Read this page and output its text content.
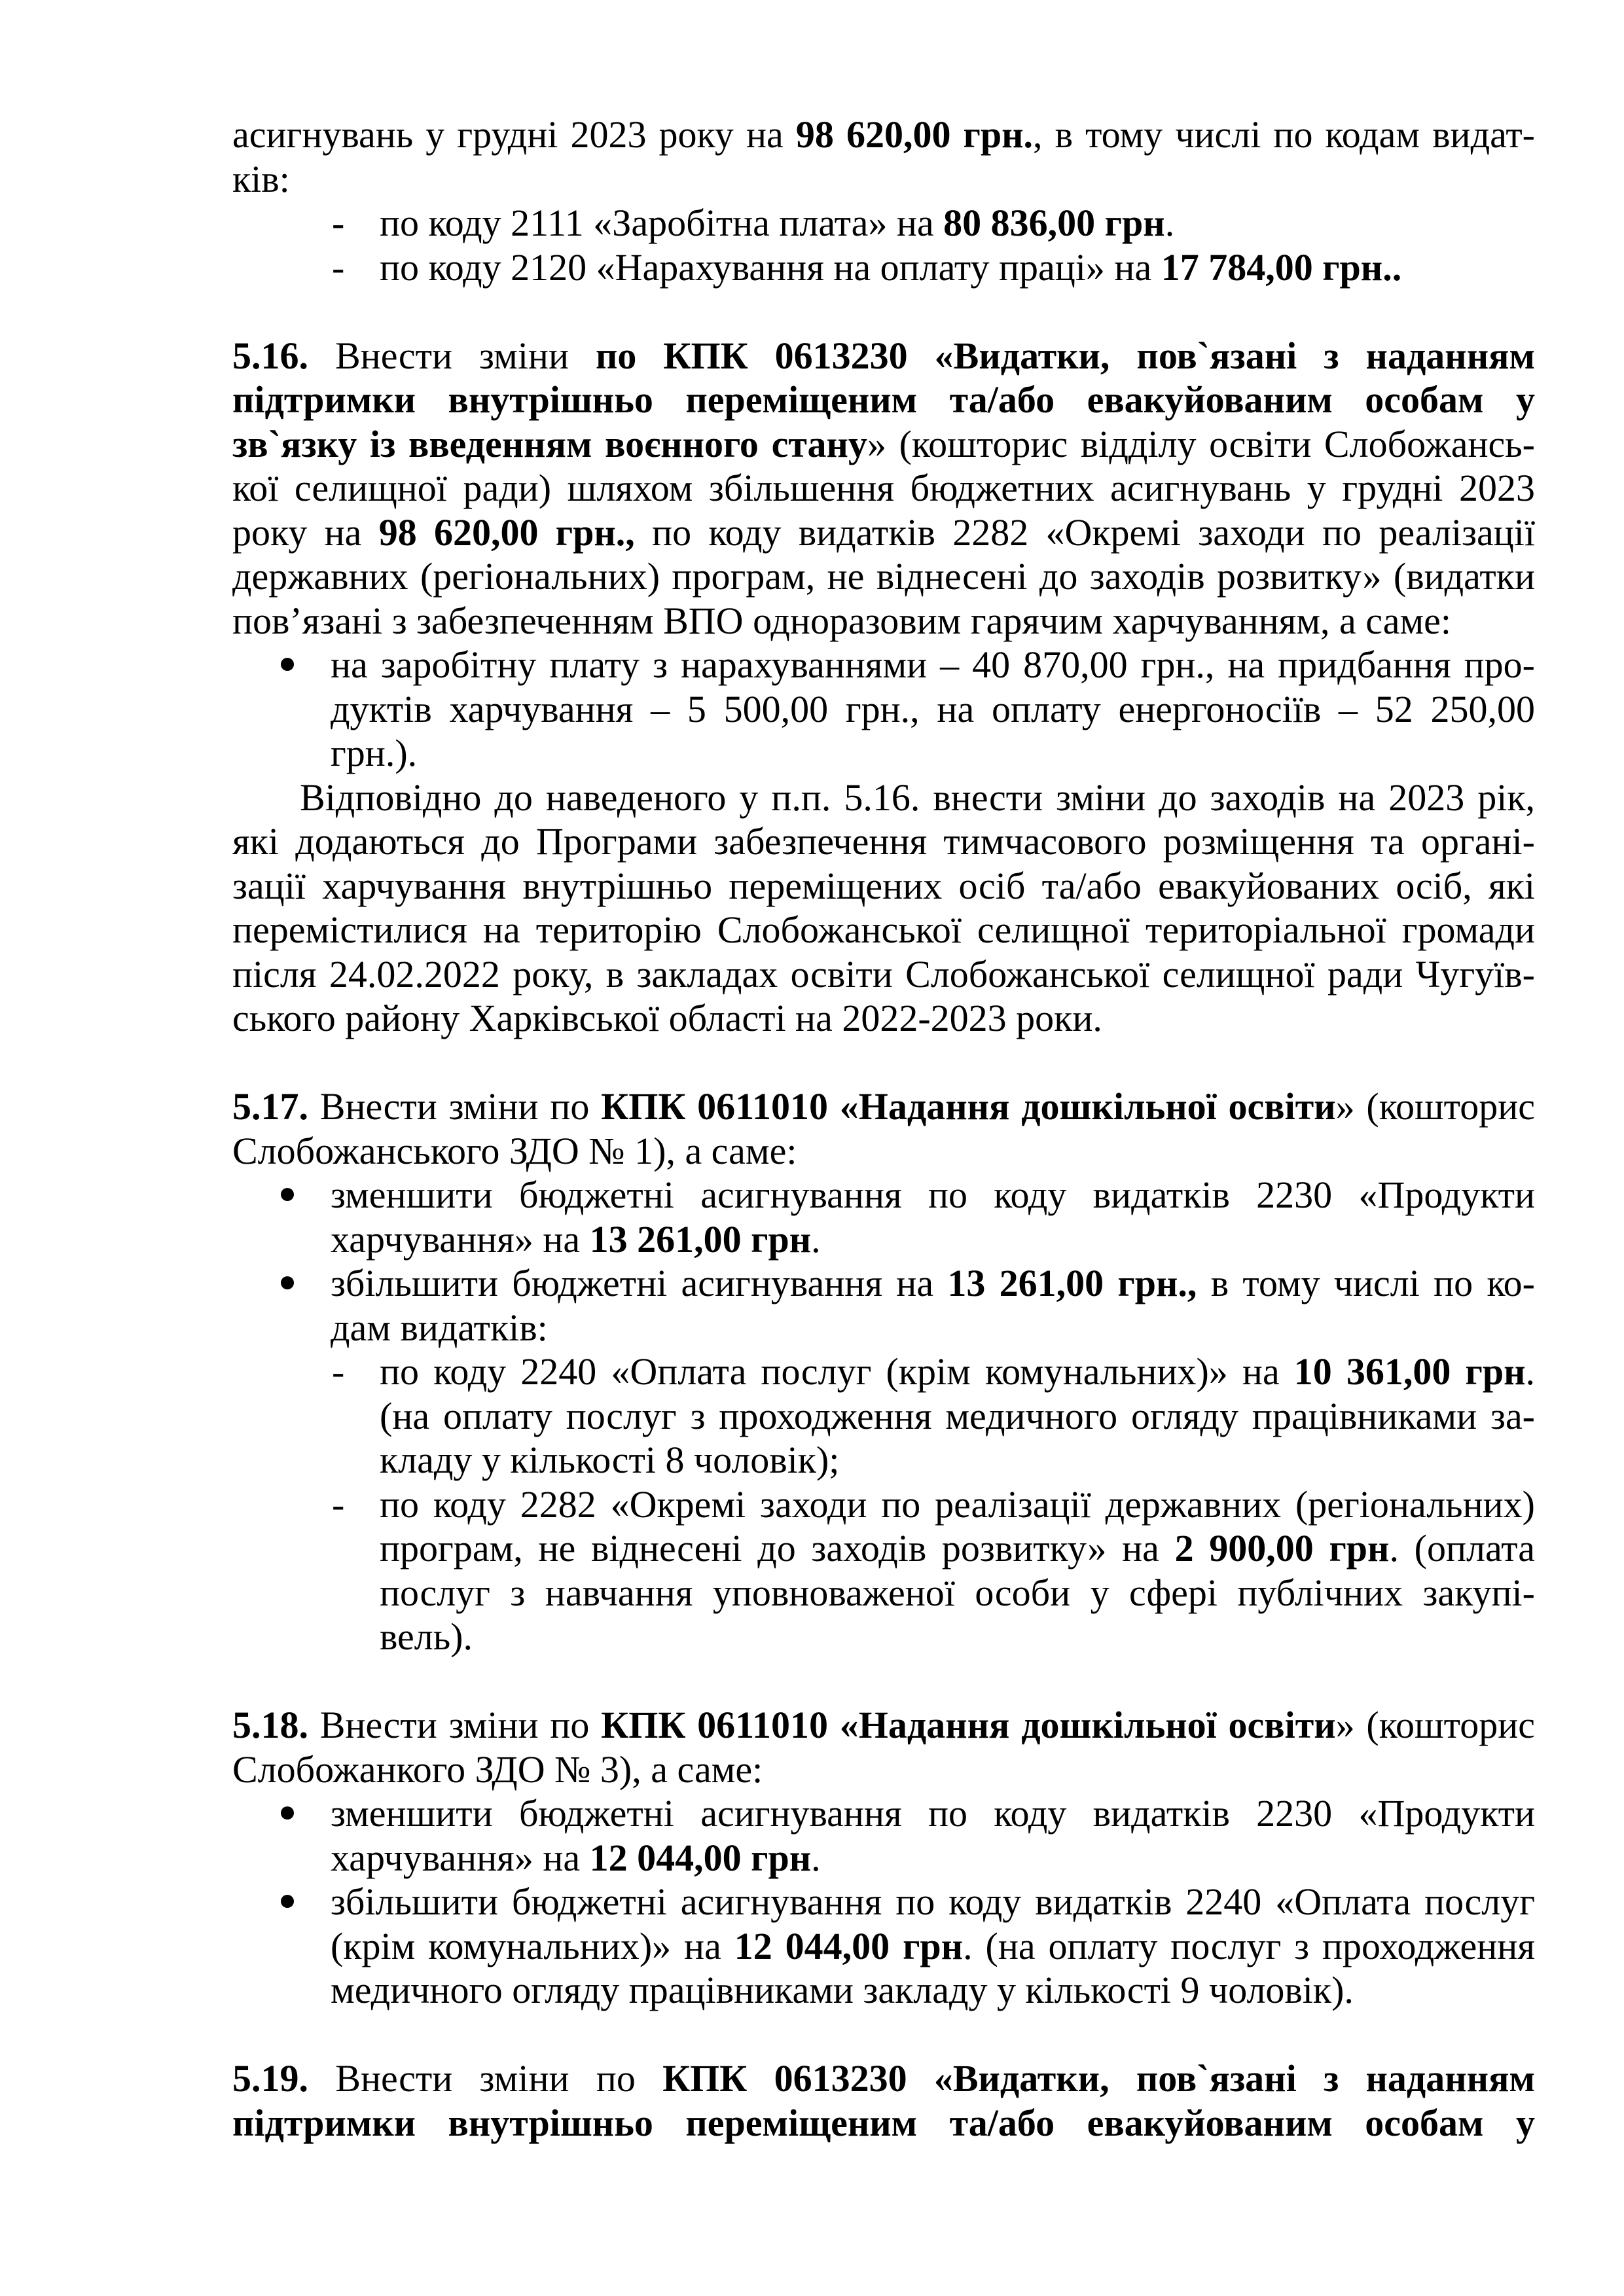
асигнувань у грудні 2023 року на 98 620,00 грн., в тому числі по кодам видат-
ків:
- по коду 2111 «Заробітна плата» на 80 836,00 грн.
- по коду 2120 «Нарахування на оплату праці» на 17 784,00 грн..
5.16. Внести зміни по КПК 0613230 «Видатки, пов`язані з наданням
підтримки внутрішньо переміщеним та/або евакуйованим особам у
зв`язку із введенням воєнного стану» (кошторис відділу освіти Слобожансь-
кої селищної ради) шляхом збільшення бюджетних асигнувань у грудні 2023
року на 98 620,00 грн., по коду видатків 2282 «Окремі заходи по реалізації
державних (регіональних) програм, не віднесені до заходів розвитку» (видатки
пов’язані з забезпеченням ВПО одноразовим гарячим харчуванням, а саме:
на заробітну плату з нарахуваннями – 40 870,00 грн., на придбання про-
дуктів харчування – 5 500,00 грн., на оплату енергоносіїв – 52 250,00
грн.).
Відповідно до наведеного у п.п. 5.16. внести зміни до заходів на 2023 рік,
які додаються до Програми забезпечення тимчасового розміщення та органі-
зації харчування внутрішньо переміщених осіб та/або евакуйованих осіб, які
перемістилися на територію Слобожанської селищної територіальної громади
після 24.02.2022 року, в закладах освіти Слобожанської селищної ради Чугуїв-
ського району Харківської області на 2022-2023 роки.
5.17. Внести зміни по КПК 0611010 «Надання дошкільної освіти» (кошторис
Слобожанського ЗДО № 1), а саме:
зменшити бюджетні асигнування по коду видатків 2230 «Продукти
харчування» на 13 261,00 грн.
збільшити бюджетні асигнування на 13 261,00 грн., в тому числі по ко-
дам видатків:
- по коду 2240 «Оплата послуг (крім комунальних)» на 10 361,00 грн.
(на оплату послуг з проходження медичного огляду працівниками за-
кладу у кількості 8 чоловік);
- по коду 2282 «Окремі заходи по реалізації державних (регіональних)
програм, не віднесені до заходів розвитку» на 2 900,00 грн. (оплата
послуг з навчання уповноваженої особи у сфері публічних закупі-
вель).
5.18. Внести зміни по КПК 0611010 «Надання дошкільної освіти» (кошторис
Слобожанкого ЗДО № 3), а саме:
зменшити бюджетні асигнування по коду видатків 2230 «Продукти
харчування» на 12 044,00 грн.
збільшити бюджетні асигнування по коду видатків 2240 «Оплата послуг
(крім комунальних)» на 12 044,00 грн. (на оплату послуг з проходження
медичного огляду працівниками закладу у кількості 9 чоловік).
5.19. Внести зміни по КПК 0613230 «Видатки, пов`язані з наданням
підтримки внутрішньо переміщеним та/або евакуйованим особам у
